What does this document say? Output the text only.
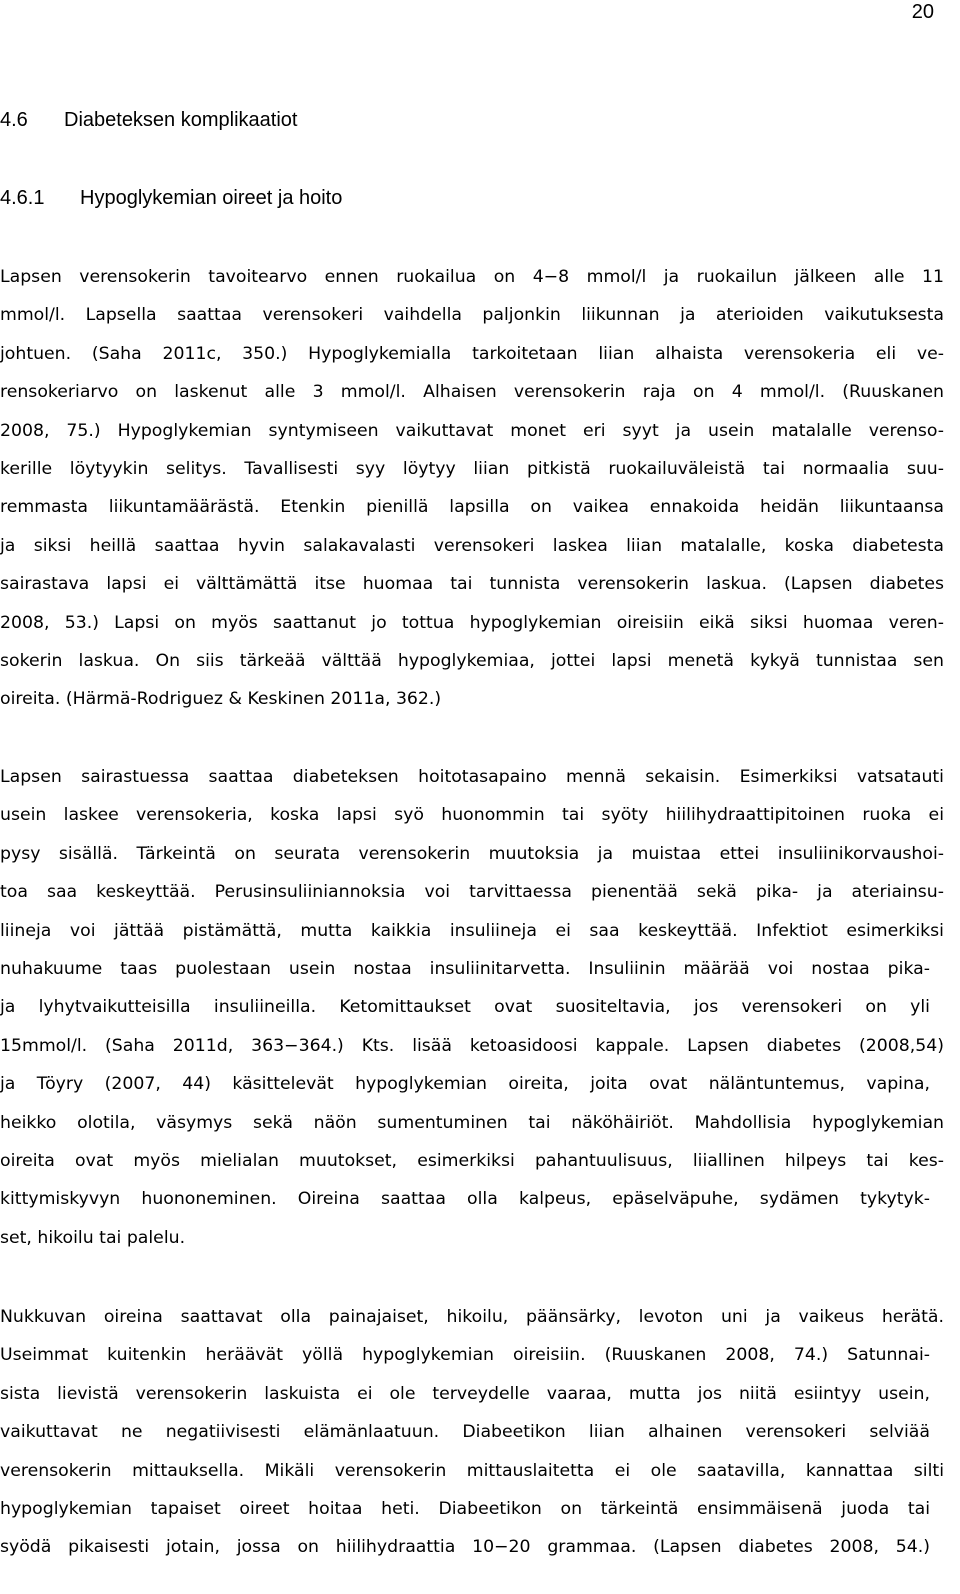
20
4.6 Diabeteksen komplikaatiot
4.6.1 Hypoglykemian oireet ja hoito
Lapsen verensokerin tavoitearvo ennen ruokailua on 4−8 mmol/l ja ruokailun jälkeen alle 11
mmol/l. Lapsella saattaa verensokeri vaihdella paljonkin liikunnan ja aterioiden vaikutuksesta
johtuen. (Saha 2011c, 350.) Hypoglykemialla tarkoitetaan liian alhaista verensokeria eli ve-
rensokeriarvo on laskenut alle 3 mmol/l. Alhaisen verensokerin raja on 4 mmol/l. (Ruuskanen
2008, 75.) Hypoglykemian syntymiseen vaikuttavat monet eri syyt ja usein matalalle verenso-
kerille löytyykin selitys. Tavallisesti syy löytyy liian pitkistä ruokailuväleistä tai normaalia suu-
remmasta liikuntamäärästä. Etenkin pienillä lapsilla on vaikea ennakoida heidän liikuntaansa
ja siksi heillä saattaa hyvin salakavalasti verensokeri laskea liian matalalle, koska diabetesta
sairastava lapsi ei välttämättä itse huomaa tai tunnista verensokerin laskua. (Lapsen diabetes
2008, 53.) Lapsi on myös saattanut jo tottua hypoglykemian oireisiin eikä siksi huomaa veren-
sokerin laskua. On siis tärkeää välttää hypoglykemiaa, jottei lapsi menetä kykyä tunnistaa sen
oireita. (Härmä-Rodriguez & Keskinen 2011a, 362.)
Lapsen sairastuessa saattaa diabeteksen hoitotasapaino mennä sekaisin. Esimerkiksi vatsatauti
usein laskee verensokeria, koska lapsi syö huonommin tai syöty hiilihydraattipitoinen ruoka ei
pysy sisällä. Tärkeintä on seurata verensokerin muutoksia ja muistaa ettei insuliinikorvaushoi-
toa saa keskeyttää. Perusinsuliiniannoksia voi tarvittaessa pienentää sekä pika- ja ateriainsu-
liineja voi jättää pistämättä, mutta kaikkia insuliineja ei saa keskeyttää. Infektiot esimerkiksi
nuhakuume taas puolestaan usein nostaa insuliinitarvetta. Insuliinin määrää voi nostaa pika-
ja lyhytvaikutteisilla insuliineilla. Ketomittaukset ovat suositeltavia, jos verensokeri on yli
15mmol/l. (Saha 2011d, 363−364.) Kts. lisää ketoasidoosi kappale. Lapsen diabetes (2008,54)
ja Töyry (2007, 44) käsittelevät hypoglykemian oireita, joita ovat näläntuntemus, vapina,
heikko olotila, väsymys sekä näön sumentuminen tai näköhäiriöt. Mahdollisia hypoglykemian
oireita ovat myös mielialan muutokset, esimerkiksi pahantuulisuus, liiallinen hilpeys tai kes-
kittymiskyvyn huononeminen. Oireina saattaa olla kalpeus, epäselväpuhe, sydämen tykytyk-
set, hikoilu tai palelu.
Nukkuvan oireina saattavat olla painajaiset, hikoilu, päänsärky, levoton uni ja vaikeus herätä.
Useimmat kuitenkin heräävät yöllä hypoglykemian oireisiin. (Ruuskanen 2008, 74.) Satunnai-
sista lievistä verensokerin laskuista ei ole terveydelle vaaraa, mutta jos niitä esiintyy usein,
vaikuttavat ne negatiivisesti elämänlaatuun. Diabeetikon liian alhainen verensokeri selviää
verensokerin mittauksella. Mikäli verensokerin mittauslaitetta ei ole saatavilla, kannattaa silti
hypoglykemian tapaiset oireet hoitaa heti. Diabeetikon on tärkeintä ensimmäisenä juoda tai
syödä pikaisesti jotain, jossa on hiilihydraattia 10−20 grammaa. (Lapsen diabetes 2008, 54.)
